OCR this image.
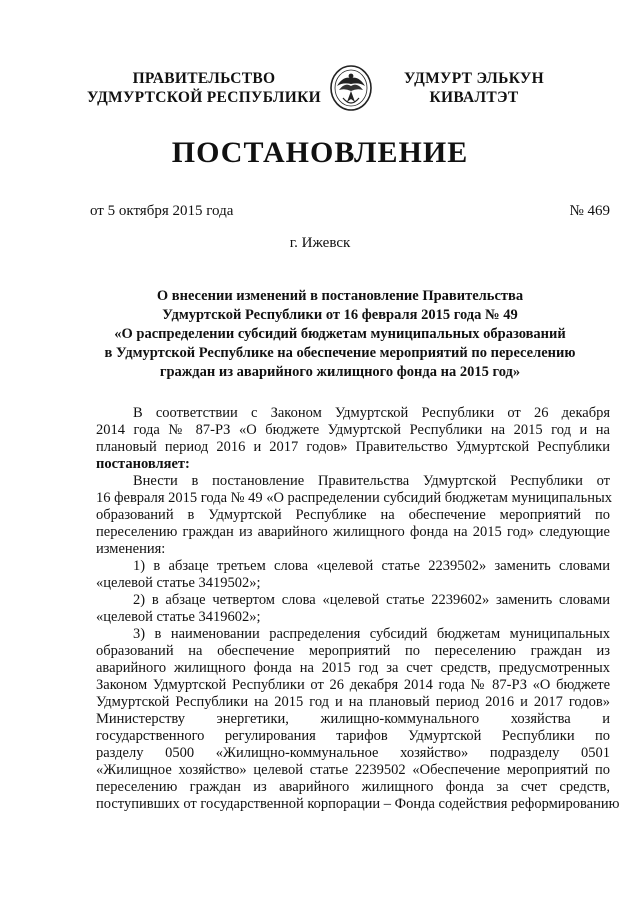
ПРАВИТЕЛЬСТВО
УДМУРТСКОЙ РЕСПУБЛИКИ
УДМУРТ ЭЛЬКУН
КИВАЛТЭТ
ПОСТАНОВЛЕНИЕ
от 5 октября 2015 года	№ 469
г. Ижевск
О внесении изменений в постановление Правительства
Удмуртской Республики от 16 февраля 2015 года № 49
«О распределении субсидий бюджетам муниципальных образований
в Удмуртской Республике на обеспечение мероприятий по переселению
граждан из аварийного жилищного фонда на 2015 год»
В соответствии с Законом Удмуртской Республики от 26 декабря
2014 года № 87-РЗ «О бюджете Удмуртской Республики на 2015 год и на
плановый период 2016 и 2017 годов» Правительство Удмуртской Республики
постановляет:
Внести в постановление Правительства Удмуртской Республики от
16 февраля 2015 года № 49 «О распределении субсидий бюджетам муниципальных
образований в Удмуртской Республике на обеспечение мероприятий по
переселению граждан из аварийного жилищного фонда на 2015 год» следующие
изменения:
1) в абзаце третьем слова «целевой статье 2239502» заменить словами
«целевой статье 3419502»;
2) в абзаце четвертом слова «целевой статье 2239602» заменить словами
«целевой статье 3419602»;
3) в наименовании распределения субсидий бюджетам муниципальных
образований на обеспечение мероприятий по переселению граждан из
аварийного жилищного фонда на 2015 год за счет средств, предусмотренных
Законом Удмуртской Республики от 26 декабря 2014 года № 87-РЗ «О бюджете
Удмуртской Республики на 2015 год и на плановый период 2016 и 2017 годов»
Министерству энергетики, жилищно-коммунального хозяйства и
государственного регулирования тарифов Удмуртской Республики по
разделу 0500 «Жилищно-коммунальное хозяйство» подразделу 0501
«Жилищное хозяйство» целевой статье 2239502 «Обеспечение мероприятий по
переселению граждан из аварийного жилищного фонда за счет средств,
поступивших от государственной корпорации – Фонда содействия реформированию
